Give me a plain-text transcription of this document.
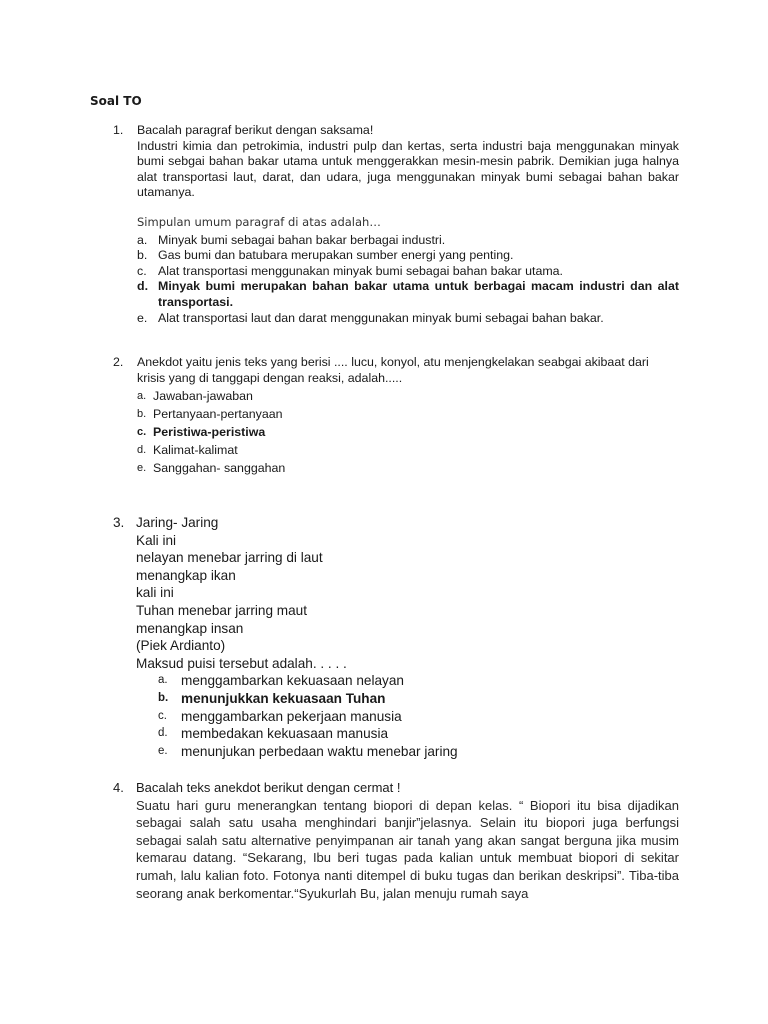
Soal TO
1. Bacalah paragraf berikut dengan saksama!
Industri kimia dan petrokimia, industri pulp dan kertas, serta industri baja menggunakan minyak bumi sebgai bahan bakar utama untuk menggerakkan mesin-mesin pabrik. Demikian juga halnya alat transportasi laut, darat, dan udara, juga menggunakan minyak bumi sebagai bahan bakar utamanya.
Simpulan umum paragraf di atas adalah…
a. Minyak bumi sebagai bahan bakar berbagai industri.
b. Gas bumi dan batubara merupakan sumber energi yang penting.
c. Alat transportasi menggunakan minyak bumi sebagai bahan bakar utama.
d. Minyak bumi merupakan bahan bakar utama untuk berbagai macam industri dan alat transportasi.
e. Alat transportasi laut dan darat menggunakan minyak bumi sebagai bahan bakar.
2. Anekdot yaitu jenis teks yang berisi .... lucu, konyol, atu menjengkelakan seabgai akibaat dari krisis yang di tanggapi dengan reaksi, adalah.....
a. Jawaban-jawaban
b. Pertanyaan-pertanyaan
c. Peristiwa-peristiwa
d. Kalimat-kalimat
e. Sanggahan- sanggahan
3. Jaring- Jaring
Kali ini
nelayan menebar jarring di laut
menangkap ikan
kali ini
Tuhan menebar jarring maut
menangkap insan
(Piek Ardianto)
Maksud puisi tersebut adalah. . . . .
a. menggambarkan kekuasaan nelayan
b. menunjukkan kekuasaan Tuhan
c. menggambarkan pekerjaan manusia
d. membedakan kekuasaan manusia
e. menunjukan perbedaan waktu menebar jaring
4. Bacalah teks anekdot berikut dengan cermat !
Suatu hari guru menerangkan tentang biopori di depan kelas. “ Biopori itu bisa dijadikan sebagai salah satu usaha menghindari banjir”jelasnya. Selain itu biopori juga berfungsi sebagai salah satu alternative penyimpanan air tanah yang akan sangat berguna jika musim kemarau datang. “Sekarang, Ibu beri tugas pada kalian untuk membuat biopori di sekitar rumah, lalu kalian foto. Fotonya nanti ditempel di buku tugas dan berikan deskripsi”. Tiba-tiba seorang anak berkomentar.“Syukurlah Bu, jalan menuju rumah saya
